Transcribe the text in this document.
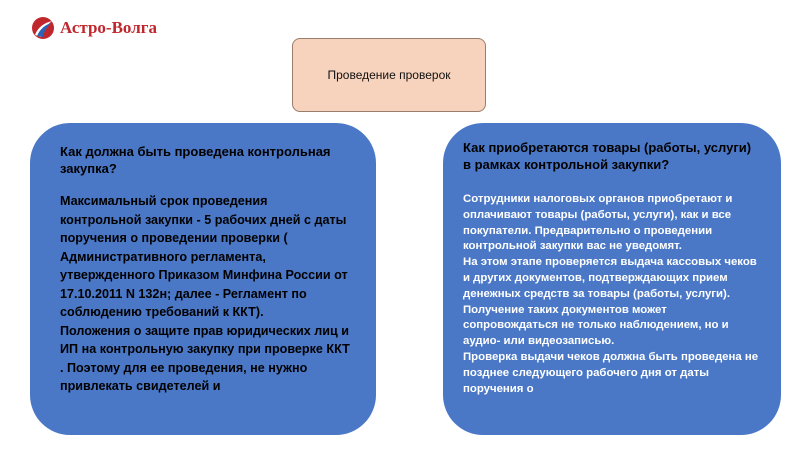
Астро-Волга
Проведение проверок
Как должна быть проведена контрольная закупка?

Максимальный срок проведения контрольной закупки - 5 рабочих дней с даты поручения о проведении проверки ( Административного регламента, утвержденного Приказом Минфина России от 17.10.2011 N 132н; далее - Регламент по соблюдению требований к ККТ).

Положения о защите прав юридических лиц и ИП на контрольную закупку при проверке ККТ . Поэтому для ее проведения, не нужно привлекать свидетелей и

Как приобретаются товары (работы, услуги) в рамках контрольной закупки?

Сотрудники налоговых органов приобретают и оплачивают товары (работы, услуги), как и все покупатели. Предварительно о проведении контрольной закупки вас не уведомят.

На этом этапе проверяется выдача кассовых чеков и других документов, подтверждающих прием денежных средств за товары (работы, услуги). Получение таких документов может сопровождаться не только наблюдением, но и аудио- или видеозаписью.

Проверка выдачи чеков должна быть проведена не позднее следующего рабочего дня от даты поручения о
